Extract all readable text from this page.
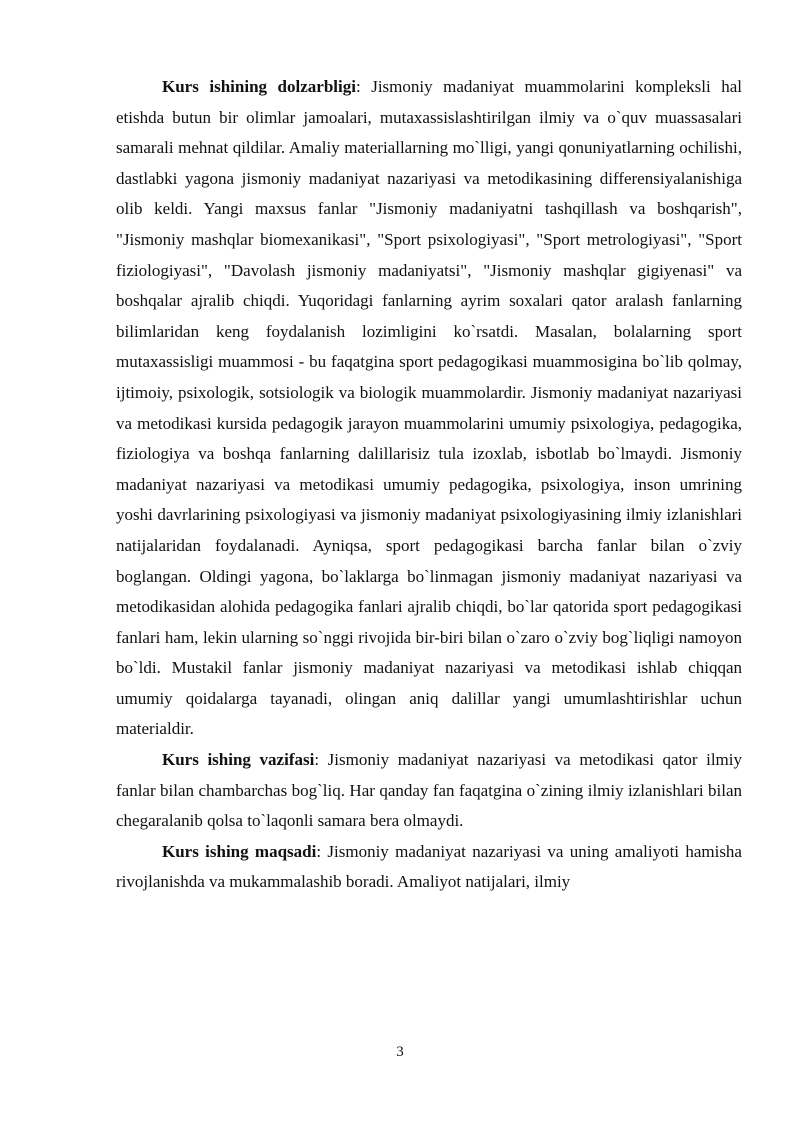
Kurs ishining dolzarbligi: Jismoniy madaniyat muammolarini kompleksli hal etishda butun bir olimlar jamoalari, mutaxassislashtirilgan ilmiy va o`quv muassasalari samarali mehnat qildilar. Amaliy materiallarning mo`lligi, yangi qonuniyatlarning ochilishi, dastlabki yagona jismoniy madaniyat nazariyasi va metodikasining differensiyalanishiga olib keldi. Yangi maxsus fanlar "Jismoniy madaniyatni tashqillash va boshqarish", "Jismoniy mashqlar biomexanikasi", "Sport psixologiyasi", "Sport metrologiyasi", "Sport fiziologiyasi", "Davolash jismoniy madaniyatsi", "Jismoniy mashqlar gigiyenasi" va boshqalar ajralib chiqdi. Yuqoridagi fanlarning ayrim soxalari qator aralash fanlarning bilimlaridan keng foydalanish lozimligini ko`rsatdi. Masalan, bolalarning sport mutaxassisligi muammosi - bu faqatgina sport pedagogikasi muammosigina bo`lib qolmay, ijtimoiy, psixologik, sotsiologik va biologik muammolardir. Jismoniy madaniyat nazariyasi va metodikasi kursida pedagogik jarayon muammolarini umumiy psixologiya, pedagogika, fiziologiya va boshqa fanlarning dalillarisiz tula izoxlab, isbotlab bo`lmaydi. Jismoniy madaniyat nazariyasi va metodikasi umumiy pedagogika, psixologiya, inson umrining yoshi davrlarining psixologiyasi va jismoniy madaniyat psixologiyasining ilmiy izlanishlari natijalaridan foydalanadi. Ayniqsa, sport pedagogikasi barcha fanlar bilan o`zviy boglangan. Oldingi yagona, bo`laklarga bo`linmagan jismoniy madaniyat nazariyasi va metodikasidan alohida pedagogika fanlari ajralib chiqdi, bo`lar qatorida sport pedagogikasi fanlari ham, lekin ularning so`nggi rivojida bir-biri bilan o`zaro o`zviy bog`liqligi namoyon bo`ldi. Mustakil fanlar jismoniy madaniyat nazariyasi va metodikasi ishlab chiqqan umumiy qoidalarga tayanadi, olingan aniq dalillar yangi umumlashtirishlar uchun materialdir.

Kurs ishing vazifasi: Jismoniy madaniyat nazariyasi va metodikasi qator ilmiy fanlar bilan chambarchas bog`liq. Har qanday fan faqatgina o`zining ilmiy izlanishlari bilan chegaralanib qolsa to`laqonli samara bera olmaydi.

Kurs ishing maqsadi: Jismoniy madaniyat nazariyasi va uning amaliyoti hamisha rivojlanishda va mukammalashib boradi. Amaliyot natijalari, ilmiy

3
